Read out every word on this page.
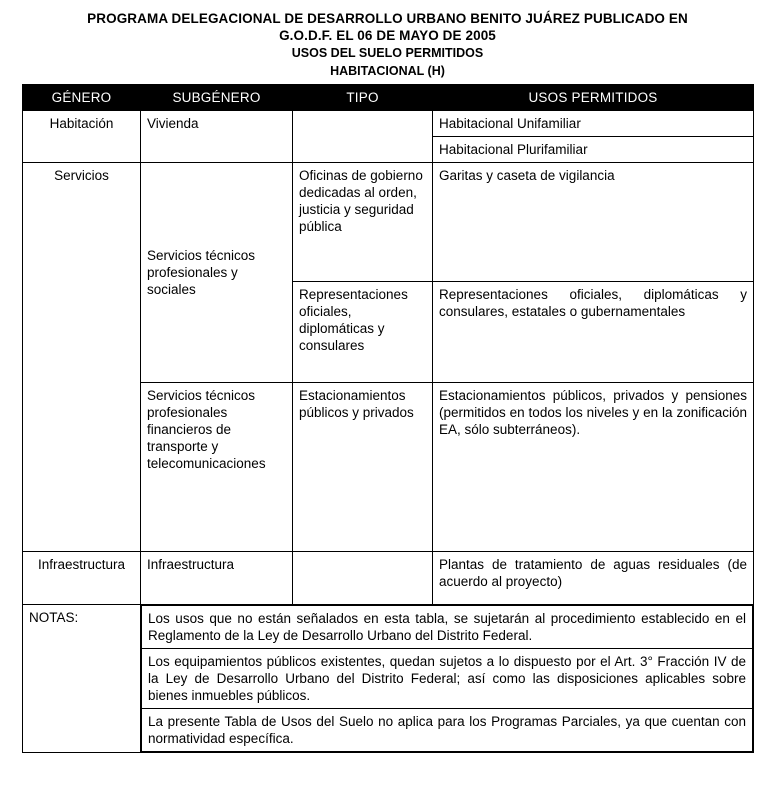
PROGRAMA DELEGACIONAL DE DESARROLLO URBANO BENITO JUÁREZ PUBLICADO EN
G.O.D.F. EL 06 DE MAYO DE 2005
USOS DEL SUELO PERMITIDOS
HABITACIONAL (H)
GÉNERO	SUBGÉNERO	TIPO	USOS PERMITIDOS
Habitación	Vivienda		Habitacional Unifamiliar
Habitacional Plurifamiliar
Servicios	Servicios técnicos profesionales y sociales	Oficinas de gobierno dedicadas al orden, justicia y seguridad pública	Garitas y caseta de vigilancia
Representaciones oficiales, diplomáticas y consulares	Representaciones oficiales, diplomáticas y consulares, estatales o gubernamentales
Servicios técnicos profesionales financieros de transporte y telecomunicaciones	Estacionamientos públicos y privados	Estacionamientos públicos, privados y pensiones (permitidos en todos los niveles y en la zonificación EA, sólo subterráneos).
Infraestructura	Infraestructura		Plantas de tratamiento de aguas residuales (de acuerdo al proyecto)
NOTAS:		Los usos que no están señalados en esta tabla, se sujetarán al procedimiento establecido en el Reglamento de la Ley de Desarrollo Urbano del Distrito Federal.
Los equipamientos públicos existentes, quedan sujetos a lo dispuesto por el Art. 3° Fracción IV de la Ley de Desarrollo Urbano del Distrito Federal; así como las disposiciones aplicables sobre bienes inmuebles públicos.
La presente Tabla de Usos del Suelo no aplica para los Programas Parciales, ya que cuentan con normatividad específica.
